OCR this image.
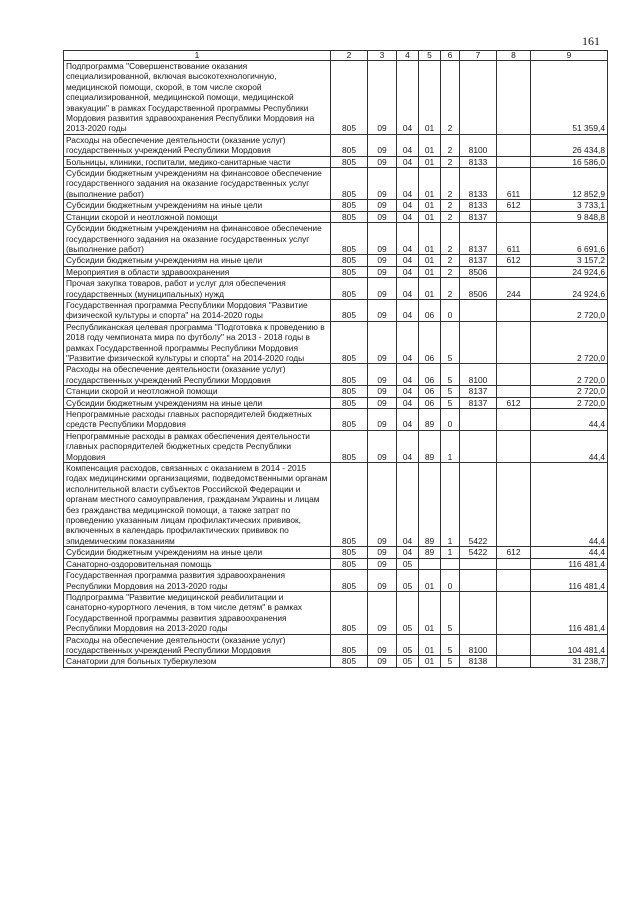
161
1	2	3	4	5	6	7	8	9
Подпрограмма "Совершенствование оказания специализированной, включая высокотехнологичную, медицинской помощи, скорой, в том числе скорой специализированной, медицинской помощи, медицинской эвакуации" в рамках Государственной программы Республики Мордовия развития здравоохранения Республики Мордовия на 2013-2020 годы	805	09	04	01	2			51 359,4
Расходы на обеспечение деятельности (оказание услуг) государственных учреждений Республики Мордовия	805	09	04	01	2	8100		26 434,8
Больницы, клиники, госпитали, медико-санитарные части	805	09	04	01	2	8133		16 586,0
Субсидии бюджетным учреждениям на финансовое обеспечение государственного задания на оказание государственных услуг (выполнение работ)	805	09	04	01	2	8133	611	12 852,9
Субсидии бюджетным учреждениям на иные цели	805	09	04	01	2	8133	612	3 733,1
Станции скорой и неотложной помощи	805	09	04	01	2	8137		9 848,8
Субсидии бюджетным учреждениям на финансовое обеспечение государственного задания на оказание государственных услуг (выполнение работ)	805	09	04	01	2	8137	611	6 691,6
Субсидии бюджетным учреждениям на иные цели	805	09	04	01	2	8137	612	3 157,2
Мероприятия в области здравоохранения	805	09	04	01	2	8506		24 924,6
Прочая закупка товаров, работ и услуг для обеспечения государственных (муниципальных) нужд	805	09	04	01	2	8506	244	24 924,6
Государственная программа Республики Мордовия "Развитие физической культуры и спорта" на 2014-2020 годы	805	09	04	06	0			2 720,0
Республиканская целевая программа "Подготовка к проведению в 2018 году чемпионата мира по футболу" на 2013 - 2018 годы в рамках Государственной программы Республики Мордовия "Развитие физической культуры и спорта" на 2014-2020 годы	805	09	04	06	5			2 720,0
Расходы на обеспечение деятельности (оказание услуг) государственных учреждений Республики Мордовия	805	09	04	06	5	8100		2 720,0
Станции скорой и неотложной помощи	805	09	04	06	5	8137		2 720,0
Субсидии бюджетным учреждениям на иные цели	805	09	04	06	5	8137	612	2 720,0
Непрограммные расходы главных распорядителей бюджетных средств Республики Мордовия	805	09	04	89	0			44,4
Непрограммные расходы в рамках обеспечения деятельности главных распорядителей бюджетных средств Республики Мордовия	805	09	04	89	1			44,4
Компенсация расходов, связанных с оказанием в 2014 - 2015 годах медицинскими организациями, подведомственными органам исполнительной власти субъектов Российской Федерации и органам местного самоуправления, гражданам Украины и лицам без гражданства медицинской помощи, а также затрат по проведению указанным лицам профилактических прививок, включенных в календарь профилактических прививок по эпидемическим показаниям	805	09	04	89	1	5422		44,4
Субсидии бюджетным учреждениям на иные цели	805	09	04	89	1	5422	612	44,4
Санаторно-оздоровительная помощь	805	09	05					116 481,4
Государственная программа развития здравоохранения Республики Мордовия на 2013-2020 годы	805	09	05	01	0			116 481,4
Подпрограмма "Развитие медицинской реабилитации и санаторно-курортного лечения, в том числе детям" в рамках Государственной программы развития здравоохранения Республики Мордовия на 2013-2020 годы	805	09	05	01	5			116 481,4
Расходы на обеспечение деятельности (оказание услуг) государственных учреждений Республики Мордовия	805	09	05	01	5	8100		104 481,4
Санатории для больных туберкулезом	805	09	05	01	5	8138		31 238,7
